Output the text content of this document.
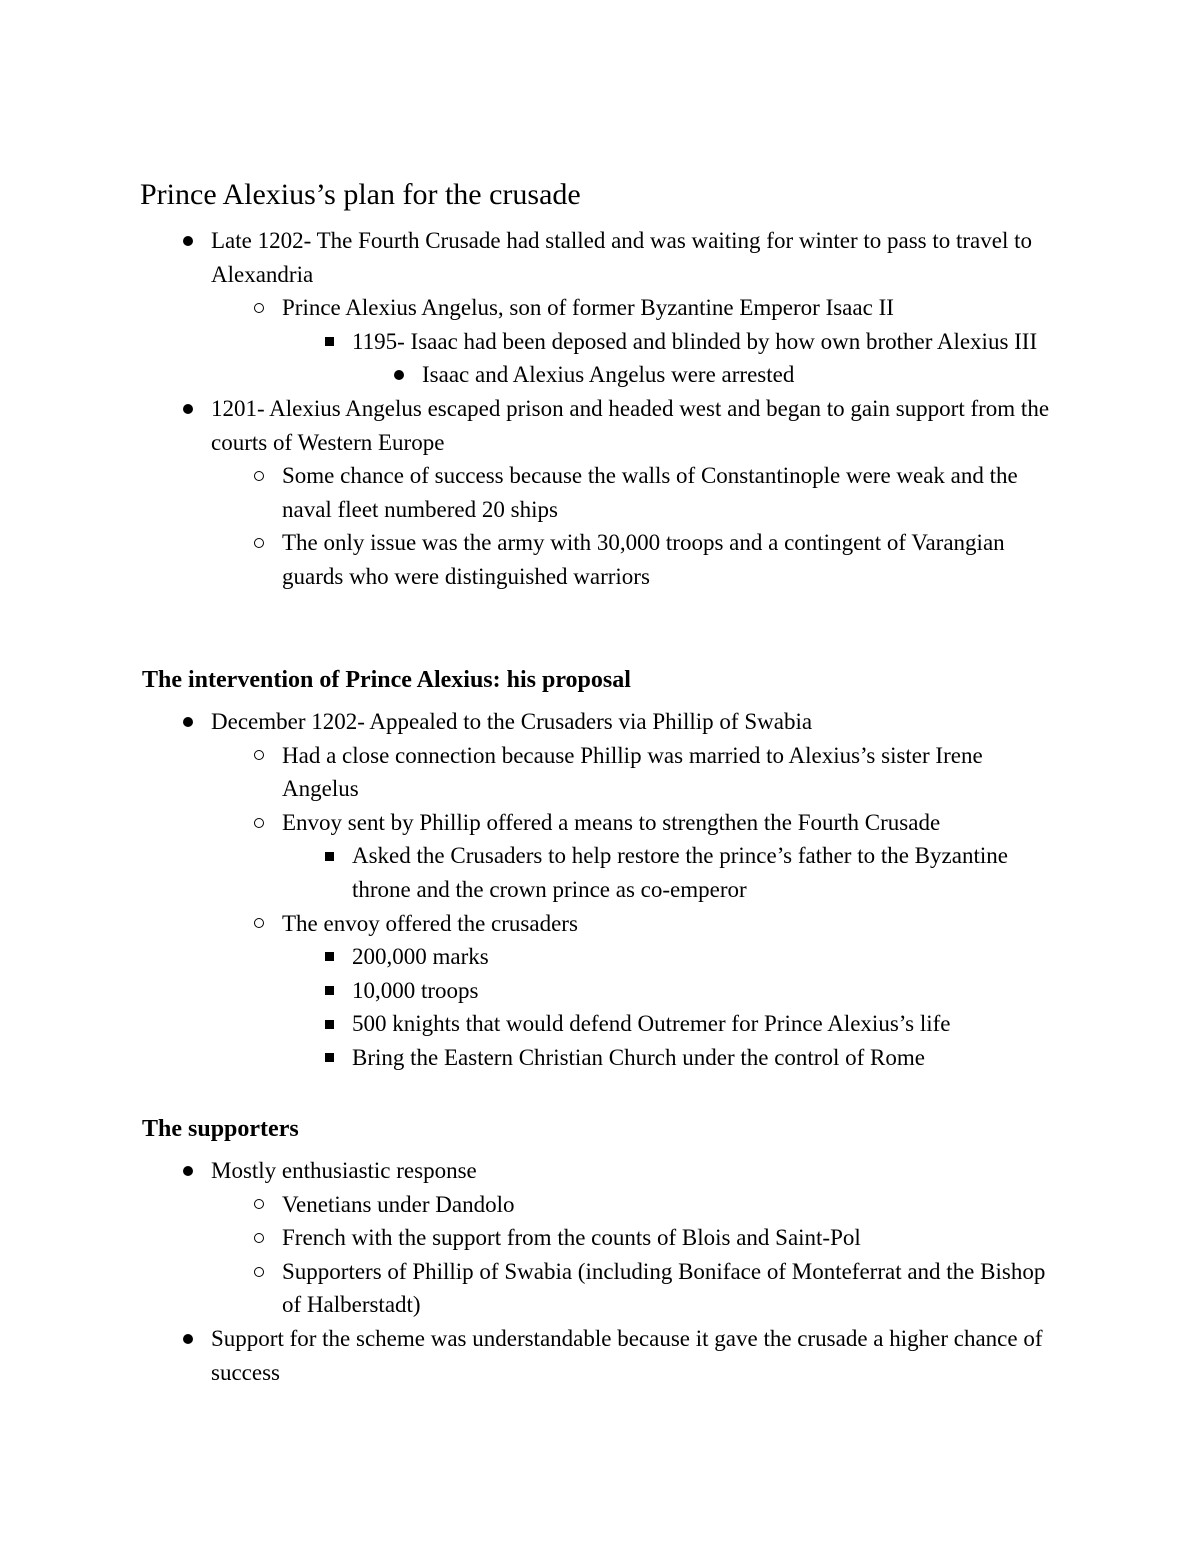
Prince Alexius’s plan for the crusade
Late 1202- The Fourth Crusade had stalled and was waiting for winter to pass to travel to Alexandria
Prince Alexius Angelus, son of former Byzantine Emperor Isaac II
1195- Isaac had been deposed and blinded by how own brother Alexius III
Isaac and Alexius Angelus were arrested
1201- Alexius Angelus escaped prison and headed west and began to gain support from the courts of Western Europe
Some chance of success because the walls of Constantinople were weak and the naval fleet numbered 20 ships
The only issue was the army with 30,000 troops and a contingent of Varangian guards who were distinguished warriors
The intervention of Prince Alexius: his proposal
December 1202- Appealed to the Crusaders via Phillip of Swabia
Had a close connection because Phillip was married to Alexius’s sister Irene Angelus
Envoy sent by Phillip offered a means to strengthen the Fourth Crusade
Asked the Crusaders to help restore the prince’s father to the Byzantine throne and the crown prince as co-emperor
The envoy offered the crusaders
200,000 marks
10,000 troops
500 knights that would defend Outremer for Prince Alexius’s life
Bring the Eastern Christian Church under the control of Rome
The supporters
Mostly enthusiastic response
Venetians under Dandolo
French with the support from the counts of Blois and Saint-Pol
Supporters of Phillip of Swabia (including Boniface of Monteferrat and the Bishop of Halberstadt)
Support for the scheme was understandable because it gave the crusade a higher chance of success
